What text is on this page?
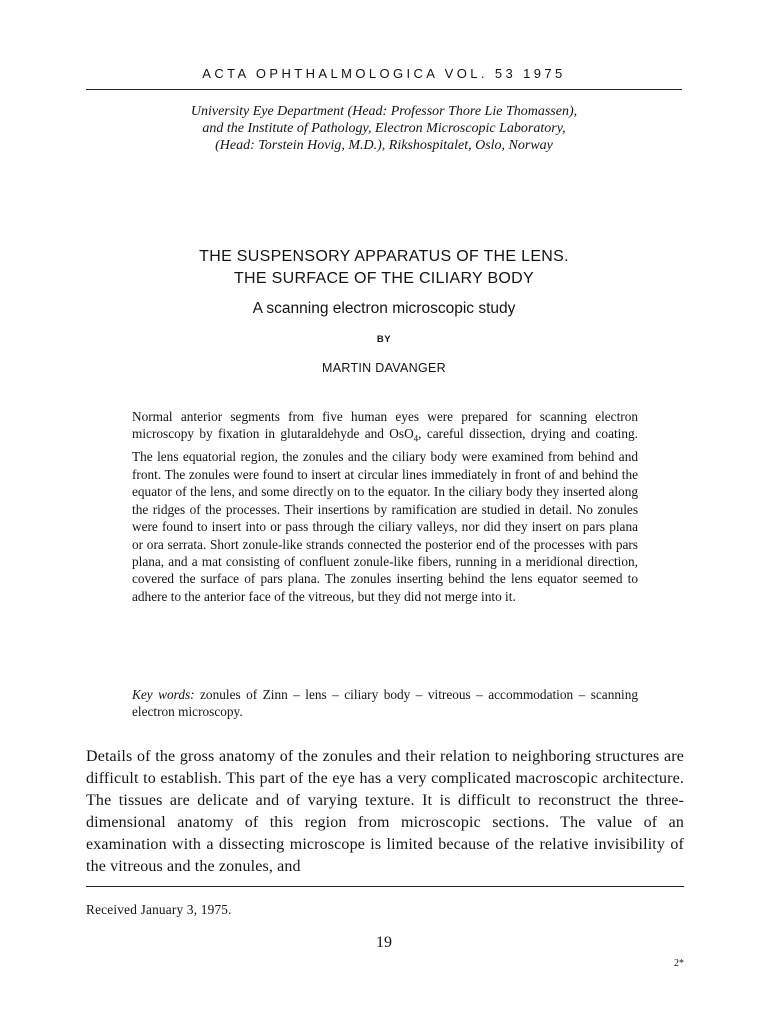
ACTA OPHTHALMOLOGICA VOL. 53 1975
University Eye Department (Head: Professor Thore Lie Thomassen),
and the Institute of Pathology, Electron Microscopic Laboratory,
(Head: Torstein Hovig, M.D.), Rikshospitalet, Oslo, Norway
THE SUSPENSORY APPARATUS OF THE LENS.
THE SURFACE OF THE CILIARY BODY
A scanning electron microscopic study
BY
MARTIN DAVANGER
Normal anterior segments from five human eyes were prepared for scanning electron microscopy by fixation in glutaraldehyde and OsO$_4$, careful dissection, drying and coating. The lens equatorial region, the zonules and the ciliary body were examined from behind and front. The zonules were found to insert at circular lines immediately in front of and behind the equator of the lens, and some directly on to the equator. In the ciliary body they inserted along the ridges of the processes. Their insertions by ramification are studied in detail. No zonules were found to insert into or pass through the ciliary valleys, nor did they insert on pars plana or ora serrata. Short zonule-like strands connected the posterior end of the processes with pars plana, and a mat consisting of confluent zonule-like fibers, running in a meridional direction, covered the surface of pars plana. The zonules inserting behind the lens equator seemed to adhere to the anterior face of the vitreous, but they did not merge into it.
Key words: zonules of Zinn – lens – ciliary body – vitreous – accommodation – scanning electron microscopy.
Details of the gross anatomy of the zonules and their relation to neighboring structures are difficult to establish. This part of the eye has a very complicated macroscopic architecture. The tissues are delicate and of varying texture. It is difficult to reconstruct the three-dimensional anatomy of this region from microscopic sections. The value of an examination with a dissecting microscope is limited because of the relative invisibility of the vitreous and the zonules, and
Received January 3, 1975.
19
2*
